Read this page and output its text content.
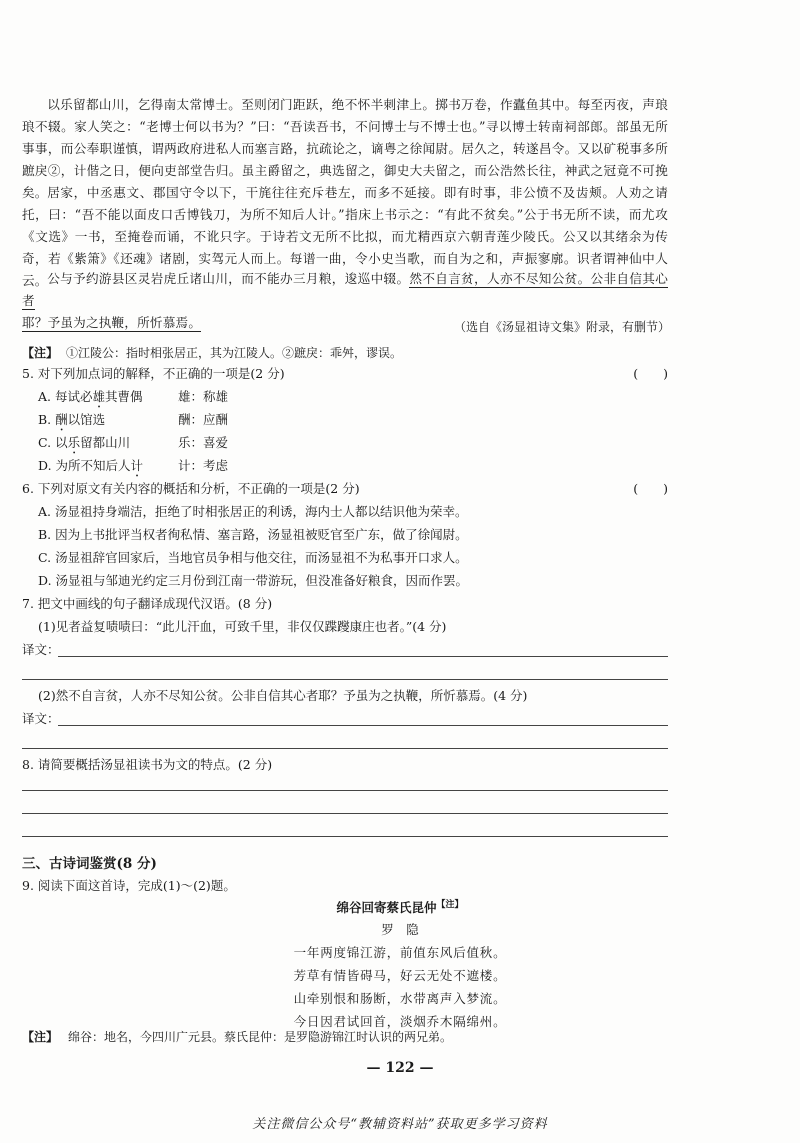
以乐留都山川，乞得南太常博士。至则闭门距跃，绝不怀半刺津上。掷书万卷，作蠹鱼其中。每至丙夜，声琅琅不辍。家人笑之：“老博士何以书为？”曰：“吾读吾书，不问博士与不博士也。”寻以博士转南祠部郎。部虽无所事事，而公奉职谨慎，谓两政府进私人而塞言路，抗疏论之，谪粤之徐闻尉。居久之，转遂昌令。又以矿税事多所蹠戾②，计偕之日，便向吏部堂告归。虽主爵留之，典选留之，御史大夫留之，而公浩然长往，神武之冠竟不可挽矣。 居家，中丞惠文、郡国守令以下，干旄往往充斥巷左，而多不延接。即有时事，非公愤不及齿颊。人劝之请托，曰：“吾不能以面皮口舌博钱刀，为所不知后人计。”指床上书示之：“有此不贫矣。”公于书无所不读，而尤攻《文选》一书，至掩卷而诵，不讹只字。于诗若文无所不比拟，而尤精西京六朝青莲少陵氏。公又以其绪余为传奇，若《紫箫》《还魂》诸剧，实驾元人而上。每谱一曲，令小史当歌，而自为之和，声振寥廓。识者谓神仙中人云。 公与予约游县区灵岩虎丘诸山川，而不能办三月粮，逡巡中辍。然不自言贫，人亦不尽知公贫。公非自信其心者
耶？予虽为之执鞭，所忻慕焉。	（选自《汤显祖诗文集》附录，有删节）
【注】 ①江陵公：指时相张居正，其为江陵人。②蹠戾：乖舛，谬误。
5. 对下列加点词的解释，不正确的一项是(2 分)	(　　)
A. 每试必雄其曹偶	雄：称雄
B. 酬以馆选	酬：应酬
C. 以乐留都山川	乐：喜爱
D. 为所不知后人计	计：考虑
6. 下列对原文有关内容的概括和分析，不正确的一项是(2 分)	(　　)
A. 汤显祖持身端洁，拒绝了时相张居正的利诱，海内士人都以结识他为荣幸。
B. 因为上书批评当权者徇私情、塞言路，汤显祖被贬官至广东，做了徐闻尉。
C. 汤显祖辞官回家后，当地官员争相与他交往，而汤显祖不为私事开口求人。
D. 汤显祖与邹迪光约定三月份到江南一带游玩，但没准备好粮食，因而作罢。
7. 把文中画线的句子翻译成现代汉语。(8 分)
(1)见者益复啧啧曰：“此儿汗血，可致千里，非仅仅蹀躞康庄也者。”(4 分)
译文：
(2)然不自言贫，人亦不尽知公贫。公非自信其心者耶？予虽为之执鞭，所忻慕焉。(4 分)
译文：
8. 请简要概括汤显祖读书为文的特点。(2 分)
三、古诗词鉴赏(8 分)
9. 阅读下面这首诗，完成(1)～(2)题。
绵谷回寄蔡氏昆仲$^{【注】}$
罗　隐
一年两度锦江游，前值东风后值秋。
芳草有情皆碍马，好云无处不遮楼。
山牵别恨和肠断，水带离声入梦流。
今日因君试回首，淡烟乔木隔绵州。
【注】 绵谷：地名，今四川广元县。蔡氏昆仲：是罗隐游锦江时认识的两兄弟。
— 122 —
关注微信公众号“教辅资料站”获取更多学习资料
